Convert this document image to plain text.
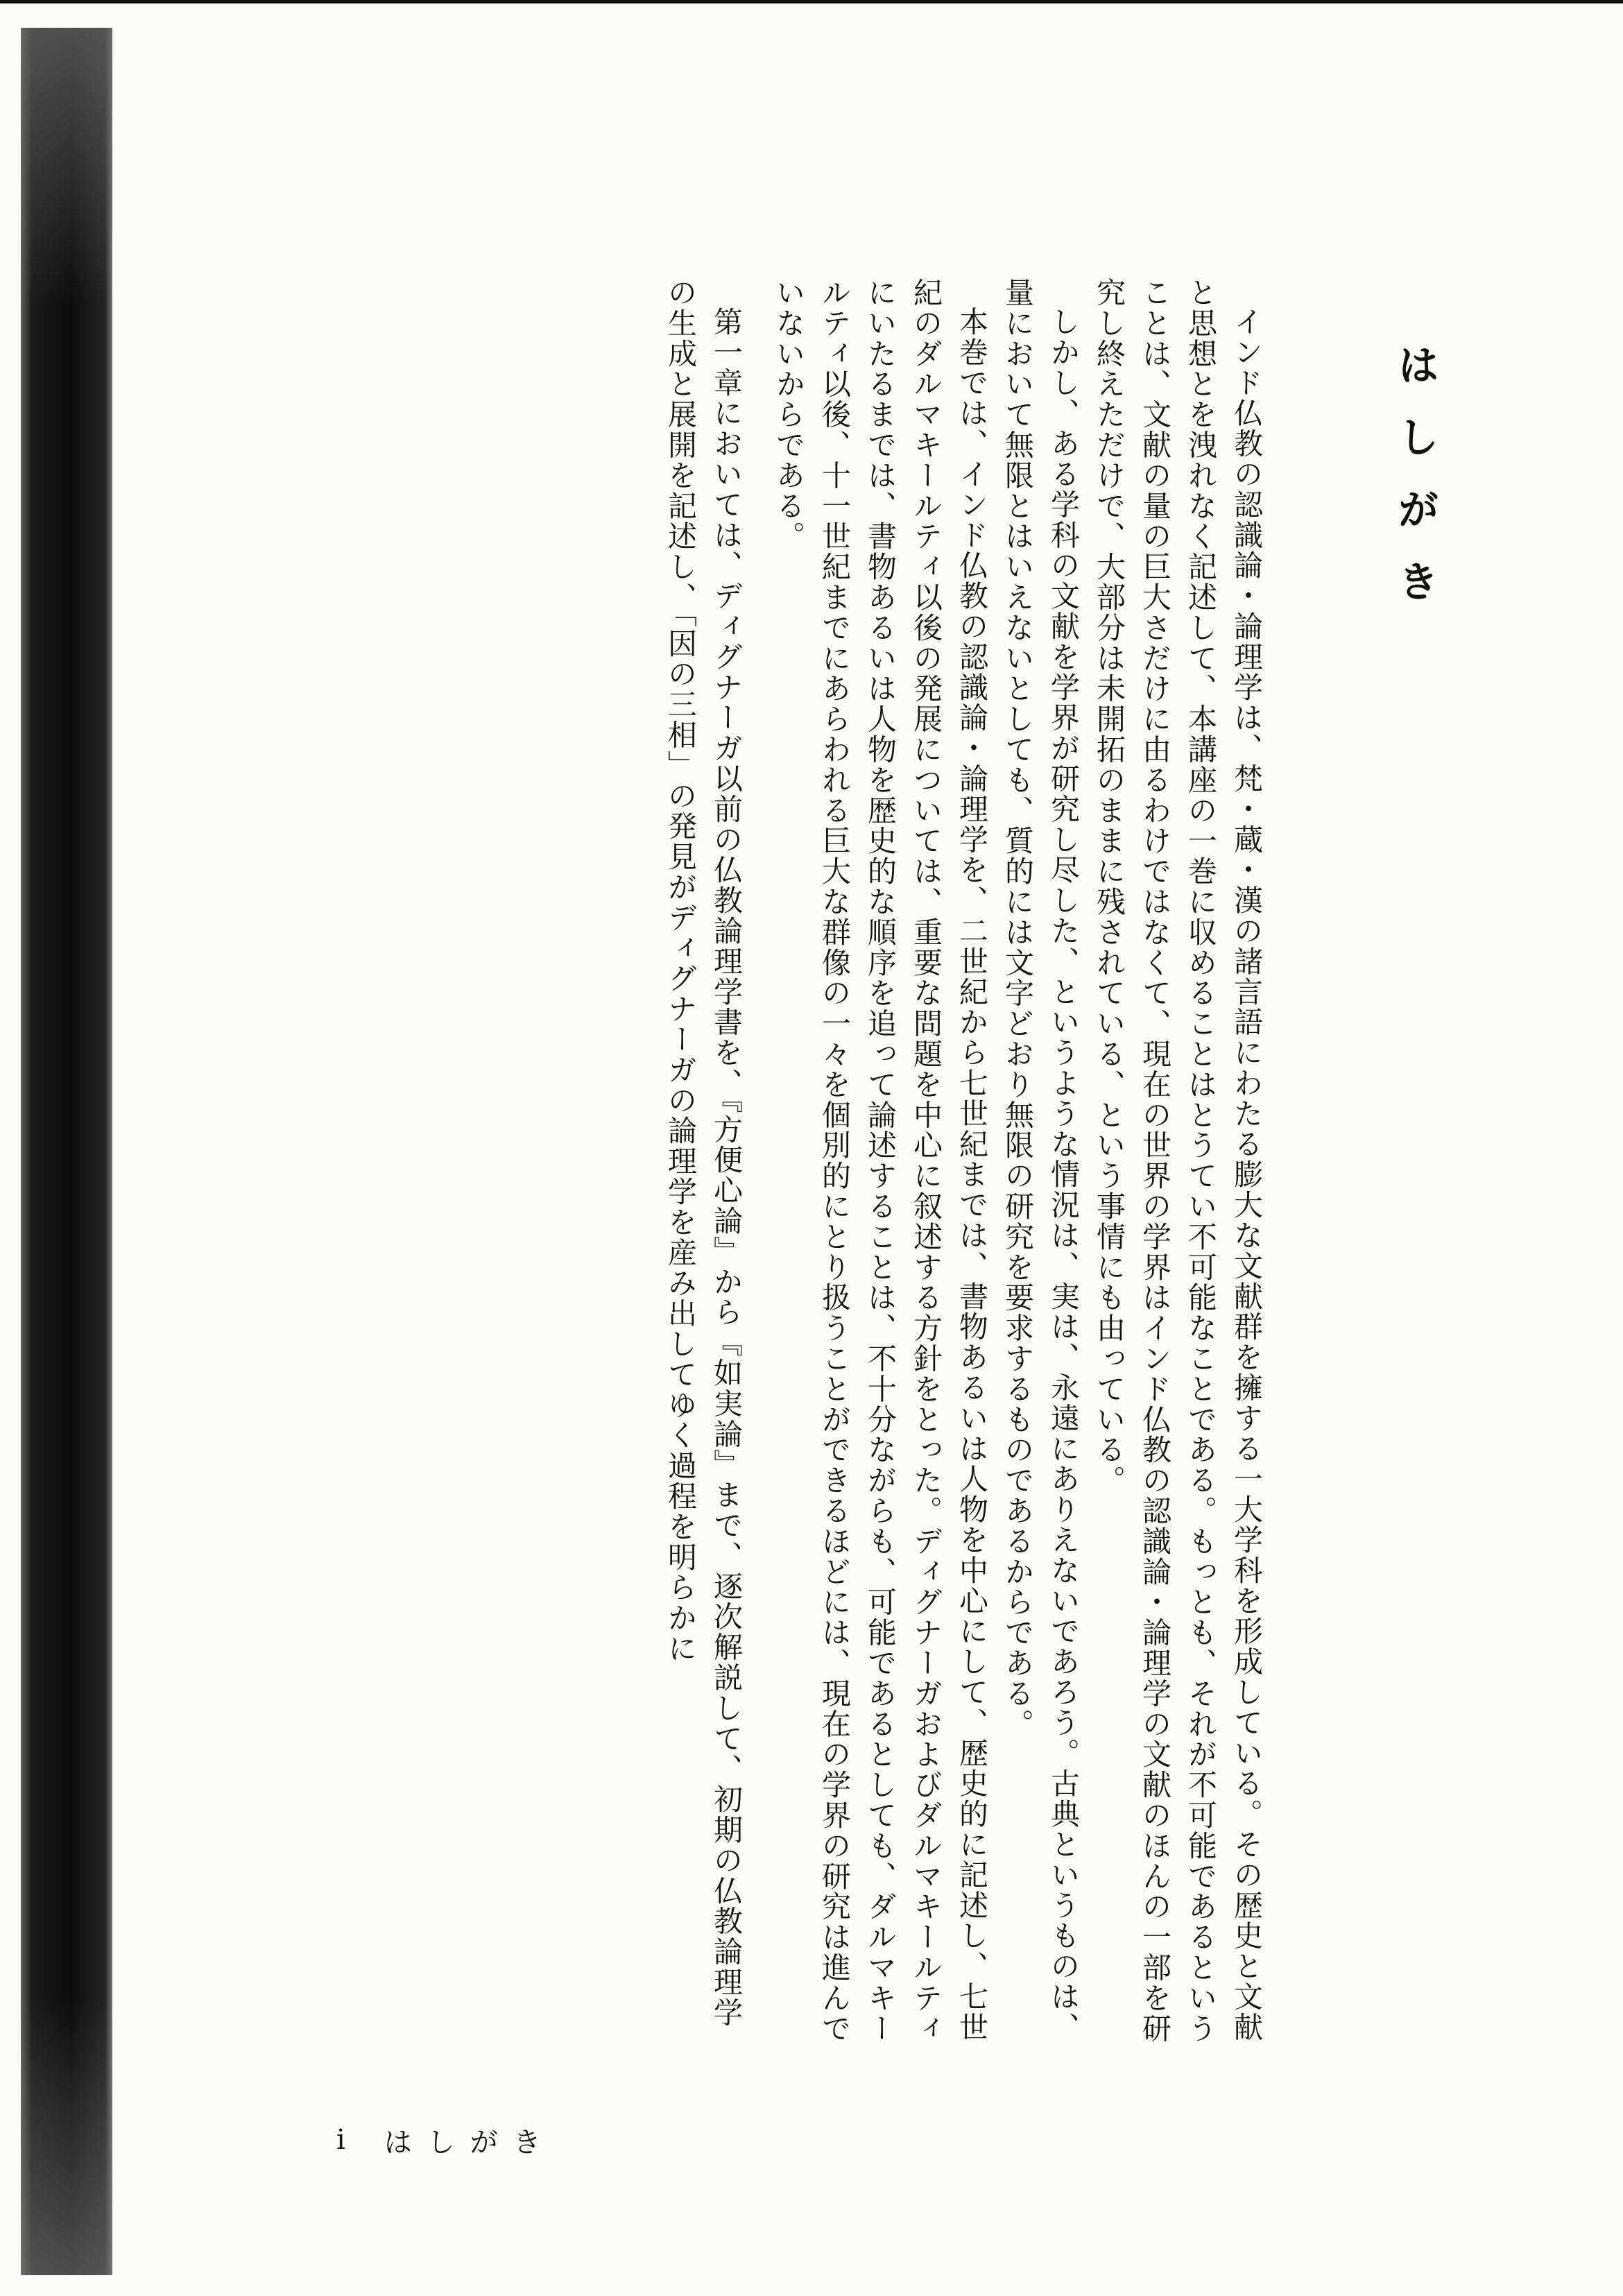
はしがき

インド仏教の認識論・論理学は、梵・蔵・漢の諸言語にわたる膨大な文献群を擁する一大学科を形成している。その歴史と文献と思想とを洩れなく記述して、本講座の一巻に収めることはとうてい不可能なことである。もっとも、それが不可能であるということは、文献の量の巨大さだけに由るわけではなくて、現在の世界の学界はインド仏教の認識論・論理学の文献のほんの一部を研究し終えただけで、大部分は未開拓のままに残されている、という事情にも由っている。

しかし、ある学科の文献を学界が研究し尽した、というような情況は、実は、永遠にありえないであろう。古典というものは、量において無限とはいえないとしても、質的には文字どおり無限の研究を要求するものであるからである。

本巻では、インド仏教の認識論・論理学を、二世紀から七世紀までは、書物あるいは人物を中心にして、歴史的に記述し、七世紀のダルマキールティ以後の発展については、重要な問題を中心に叙述する方針をとった。ディグナーガおよびダルマキールティにいたるまでは、書物あるいは人物を歴史的な順序を追って論述することは、不十分ながらも、可能であるとしても、ダルマキールティ以後、十一世紀までにあらわれる巨大な群像の一々を個別的にとり扱うことができるほどには、現在の学界の研究は進んでいないからである。

第一章においては、ディグナーガ以前の仏教論理学書を、『方便心論』から『如実論』まで、逐次解説して、初期の仏教論理学の生成と展開を記述し、「因の三相」の発見がディグナーガの論理学を産み出してゆく過程を明らかに

i はしがき
